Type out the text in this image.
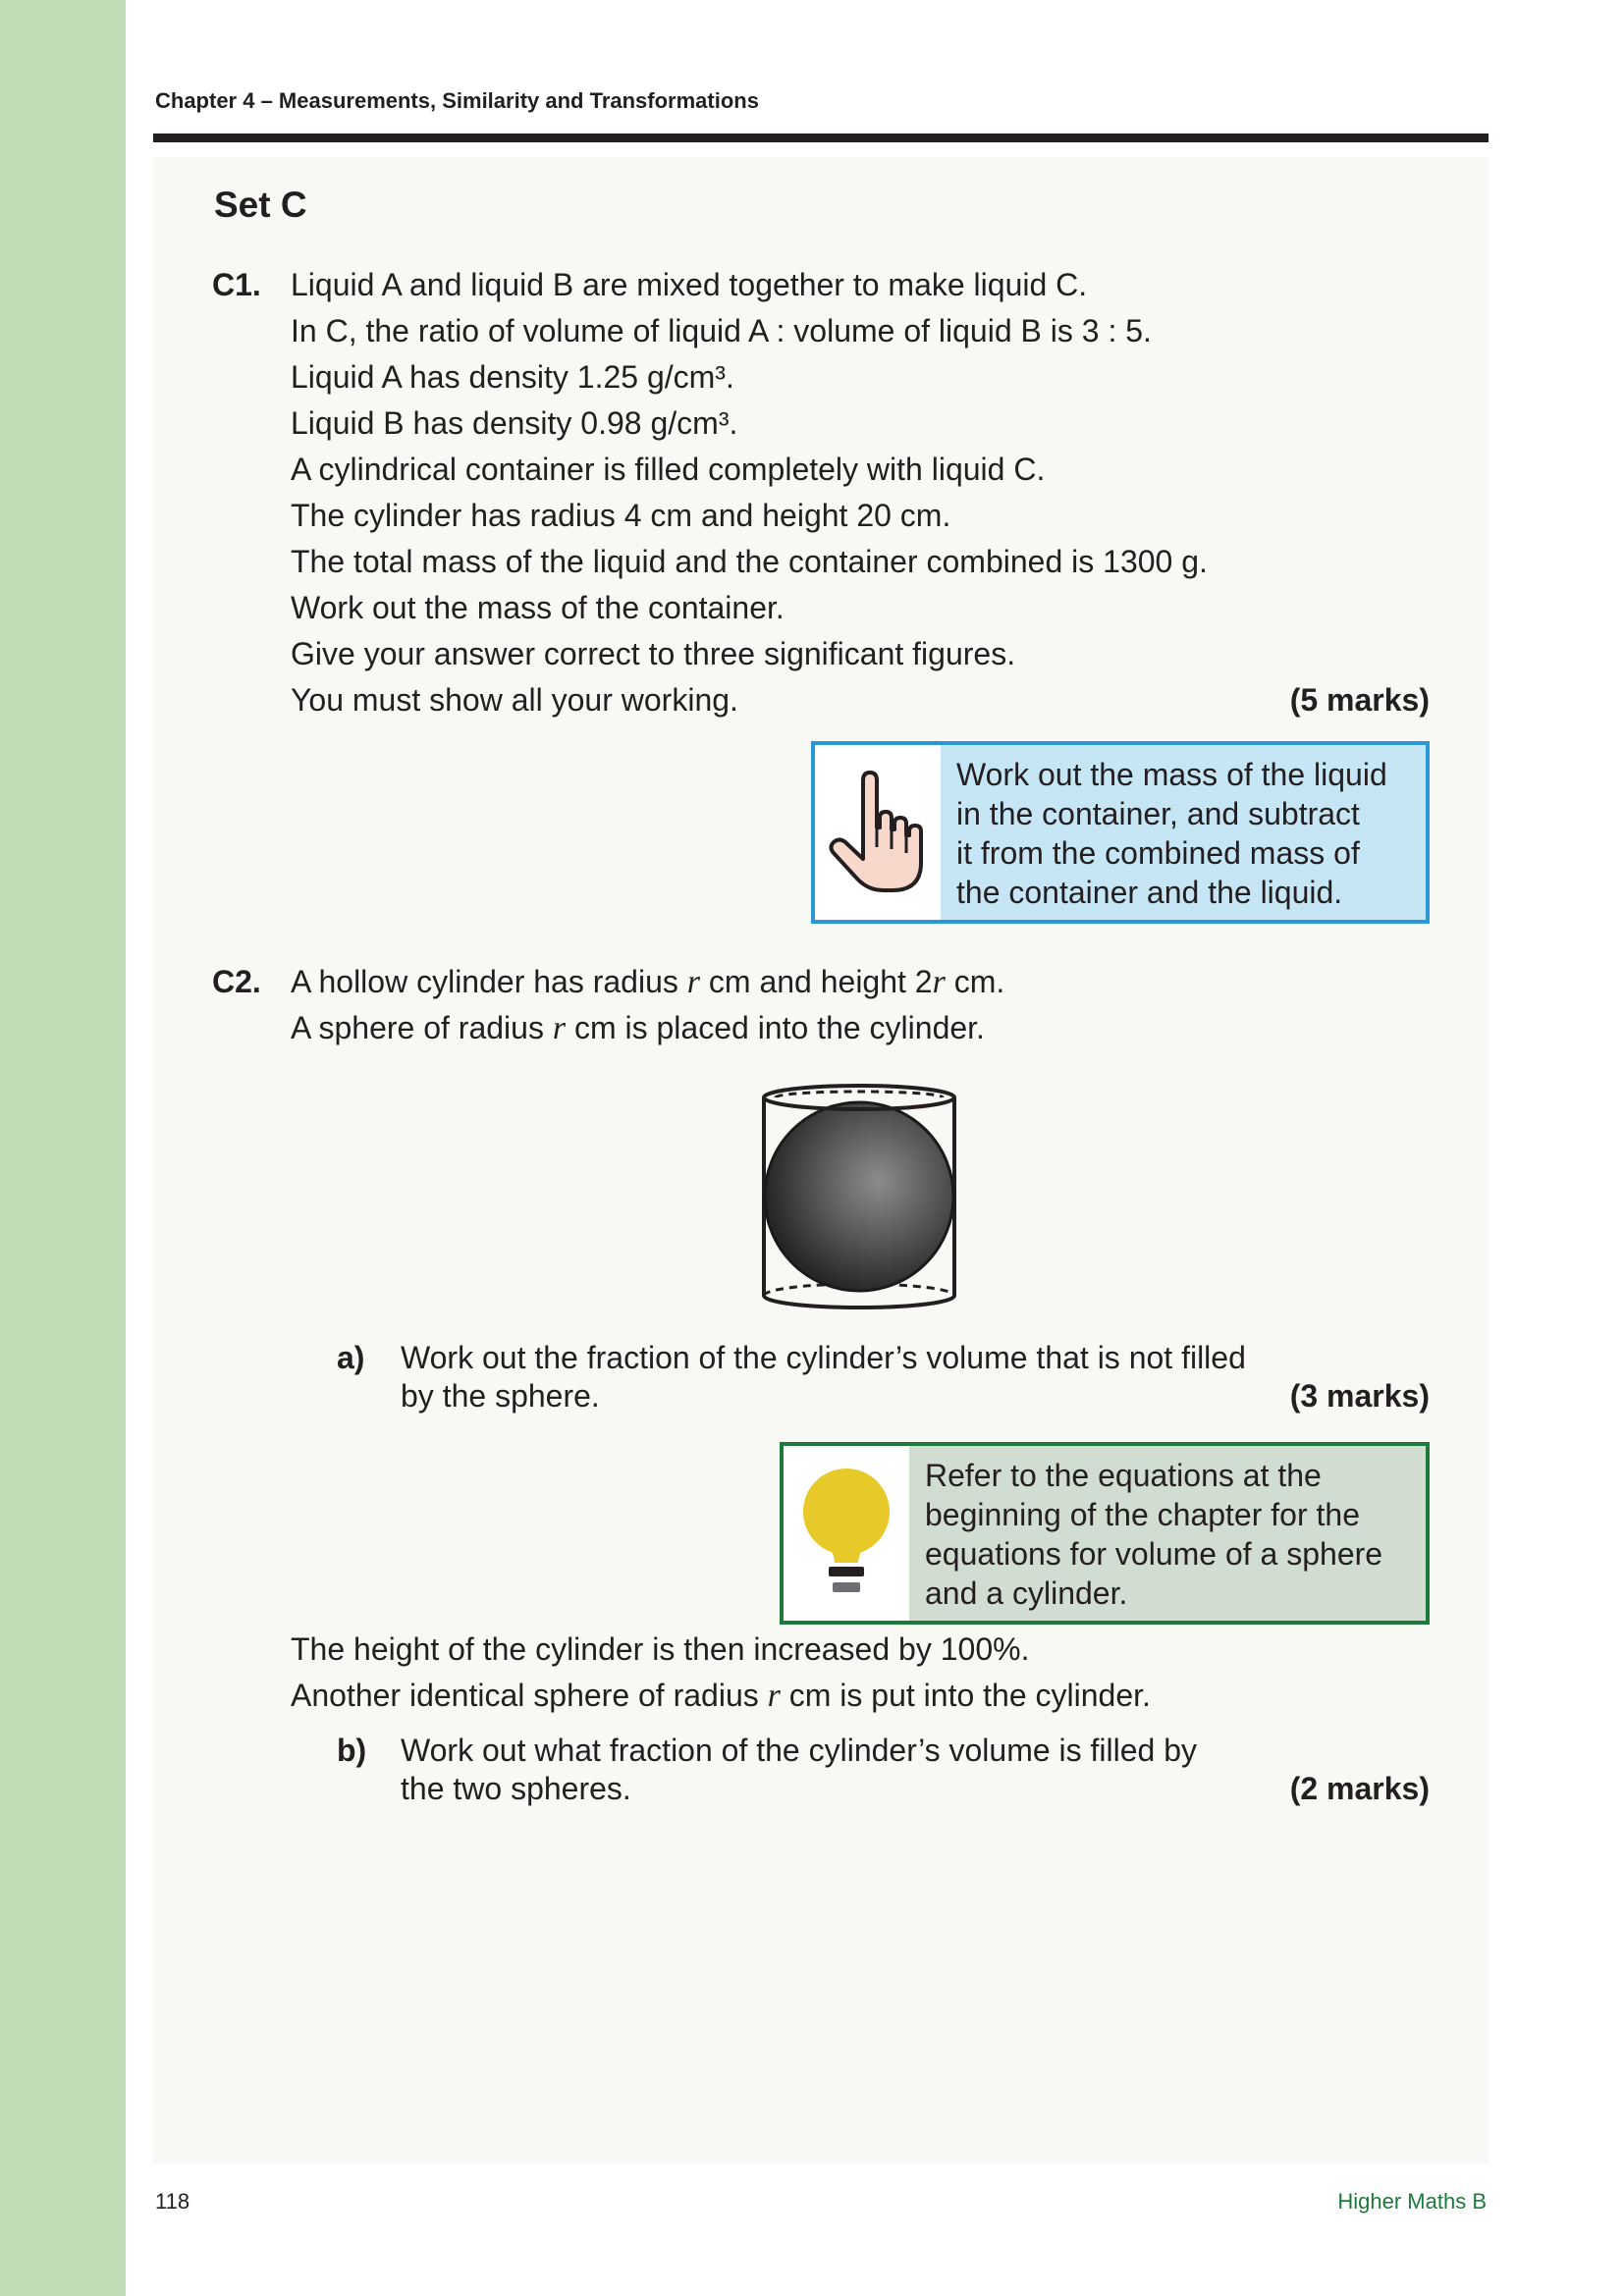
Chapter 4 – Measurements, Similarity and Transformations
Set C
C1. Liquid A and liquid B are mixed together to make liquid C.
In C, the ratio of volume of liquid A : volume of liquid B is 3 : 5.
Liquid A has density 1.25 g/cm³.
Liquid B has density 0.98 g/cm³.
A cylindrical container is filled completely with liquid C.
The cylinder has radius 4 cm and height 20 cm.
The total mass of the liquid and the container combined is 1300 g.
Work out the mass of the container.
Give your answer correct to three significant figures.
You must show all your working.	(5 marks)
Work out the mass of the liquid
in the container, and subtract
it from the combined mass of
the container and the liquid.
C2. A hollow cylinder has radius r cm and height 2r cm.
A sphere of radius r cm is placed into the cylinder.
a) Work out the fraction of the cylinder’s volume that is not filled
by the sphere.	(3 marks)
Refer to the equations at the
beginning of the chapter for the
equations for volume of a sphere
and a cylinder.
The height of the cylinder is then increased by 100%.
Another identical sphere of radius r cm is put into the cylinder.
b) Work out what fraction of the cylinder’s volume is filled by
the two spheres.	(2 marks)
118	Higher Maths B
